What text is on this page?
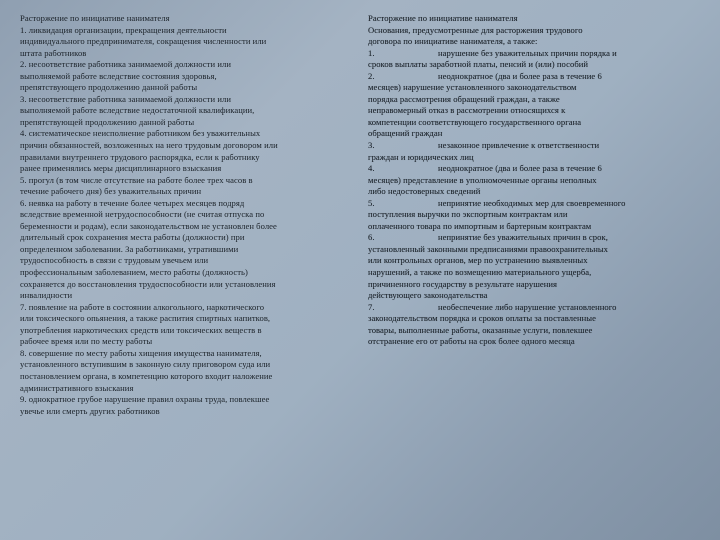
Расторжение по инициативе нанимателя
1. ликвидация организации, прекращения деятельности
индивидуального предпринимателя, сокращения численности или
штата работников
2. несоответствие работника занимаемой должности или
выполняемой работе вследствие состояния здоровья,
препятствующего продолжению данной работы
3. несоответствие работника занимаемой должности или
выполняемой работе вследствие недостаточной квалификации,
препятствующей продолжению данной работы
4. систематическое неисполнение работником без уважительных
причин обязанностей, возложенных на него трудовым договором или
правилами внутреннего трудового распорядка, если к работнику
ранее применялись меры дисциплинарного взыскания
5. прогул (в том числе отсутствие на работе более трех часов в
течение рабочего дня) без уважительных причин
6. неявка на работу в течение более четырех месяцев подряд
вследствие временной нетрудоспособности (не считая отпуска по
беременности и родам), если законодательством не установлен более
длительный срок сохранения места работы (должности) при
определенном заболевании. За работниками, утратившими
трудоспособность в связи с трудовым увечьем или
профессиональным заболеванием, место работы (должность)
сохраняется до восстановления трудоспособности или установления
инвалидности
7. появление на работе в состоянии алкогольного, наркотического
или токсического опьянения, а также распития спиртных напитков,
употребления наркотических средств или токсических веществ в
рабочее время или по месту работы
8. совершение по месту работы хищения имущества нанимателя,
установленного вступившим в законную силу приговором суда или
постановлением органа, в компетенцию которого входит наложение
административного взыскания
9. однократное грубое нарушение правил охраны труда, повлекшее
увечье или смерть других работников
Расторжение по инициативе нанимателя
Основания, предусмотренные для расторжения трудового
договора по инициативе нанимателя, а также:
1.	нарушение без уважительных причин порядка и
сроков выплаты заработной платы, пенсий и (или) пособий
2.	неоднократное (два и более раза в течение 6
месяцев) нарушение установленного законодательством
порядка рассмотрения обращений граждан, а также
неправомерный отказ в рассмотрении относящихся к
компетенции соответствующего государственного органа
обращений граждан
3.	незаконное привлечение к ответственности
граждан и юридических лиц
4.	неоднократное (два и более раза в течение 6
месяцев) представление в уполномоченные органы неполных
либо недостоверных сведений
5.	непринятие необходимых мер для своевременного
поступления выручки по экспортным контрактам или
оплаченного товара по импортным и бартерным контрактам
6.	непринятие без уважительных причин в срок,
установленный законными предписаниями правоохранительных
или контрольных органов, мер по устранению выявленных
нарушений, а также по возмещению материального ущерба,
причиненного государству в результате нарушения
действующего законодательства
7.	необеспечение либо нарушение установленного
законодательством порядка и сроков оплаты за поставленные
товары, выполненные работы, оказанные услуги, повлекшее
отстранение его от работы на срок более одного месяца
